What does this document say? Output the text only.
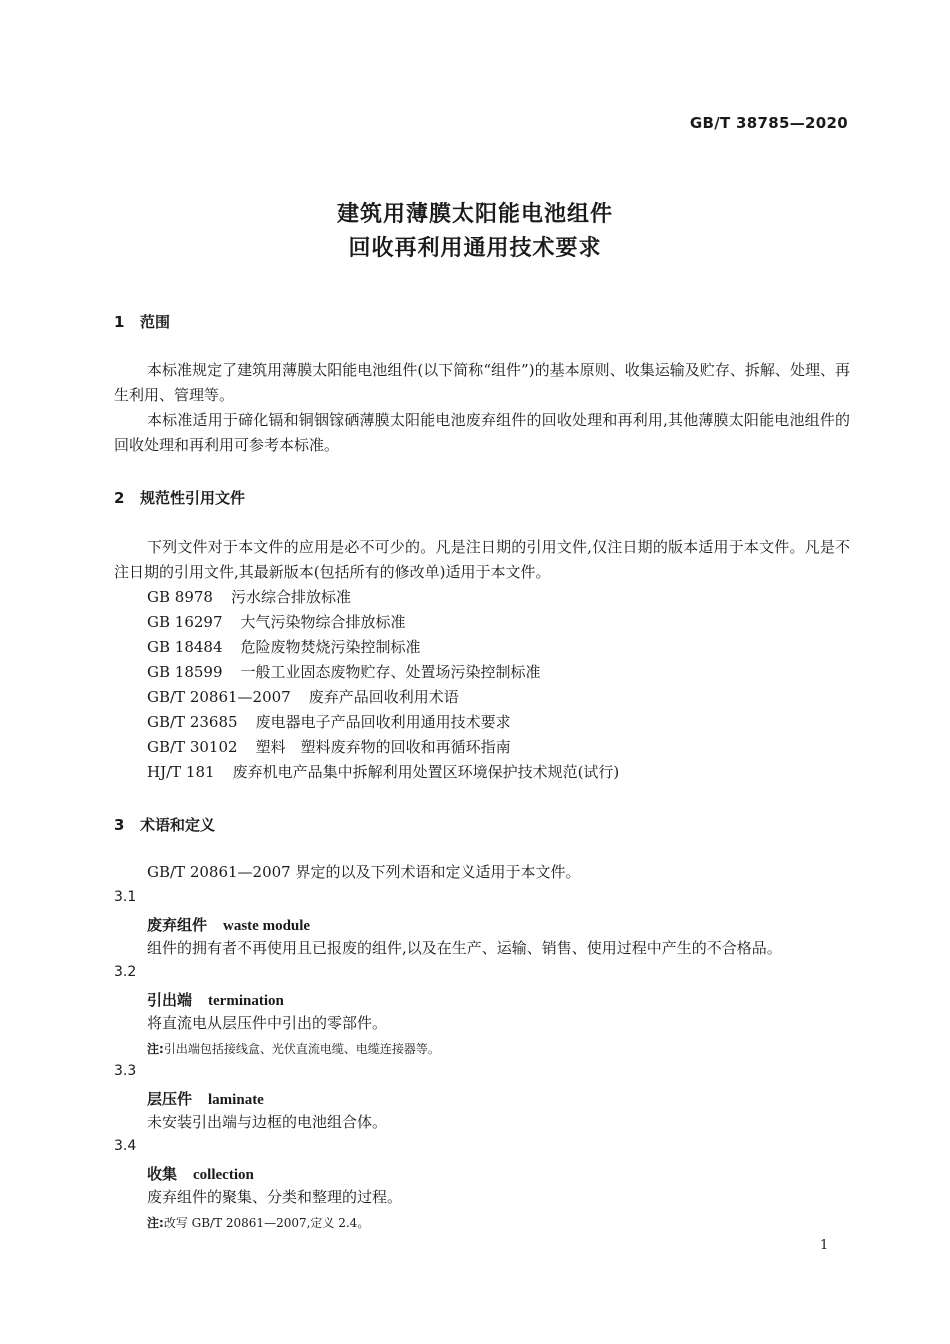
GB/T 38785—2020
建筑用薄膜太阳能电池组件
回收再利用通用技术要求
1 范围
本标准规定了建筑用薄膜太阳能电池组件(以下简称“组件”)的基本原则、收集运输及贮存、拆解、处理、再生利用、管理等。
本标准适用于碲化镉和铜铟镓硒薄膜太阳能电池废弃组件的回收处理和再利用,其他薄膜太阳能电池组件的回收处理和再利用可参考本标准。
2 规范性引用文件
下列文件对于本文件的应用是必不可少的。凡是注日期的引用文件,仅注日期的版本适用于本文件。凡是不注日期的引用文件,其最新版本(包括所有的修改单)适用于本文件。
GB 8978 污水综合排放标准
GB 16297 大气污染物综合排放标准
GB 18484 危险废物焚烧污染控制标准
GB 18599 一般工业固态废物贮存、处置场污染控制标准
GB/T 20861—2007 废弃产品回收利用术语
GB/T 23685 废电器电子产品回收利用通用技术要求
GB/T 30102 塑料　塑料废弃物的回收和再循环指南
HJ/T 181 废弃机电产品集中拆解利用处置区环境保护技术规范(试行)
3 术语和定义
GB/T 20861—2007 界定的以及下列术语和定义适用于本文件。
3.1
废弃组件 waste module
组件的拥有者不再使用且已报废的组件,以及在生产、运输、销售、使用过程中产生的不合格品。
3.2
引出端 termination
将直流电从层压件中引出的零部件。
注:引出端包括接线盒、光伏直流电缆、电缆连接器等。
3.3
层压件 laminate
未安装引出端与边框的电池组合体。
3.4
收集 collection
废弃组件的聚集、分类和整理的过程。
注:改写 GB/T 20861—2007,定义 2.4。
1
